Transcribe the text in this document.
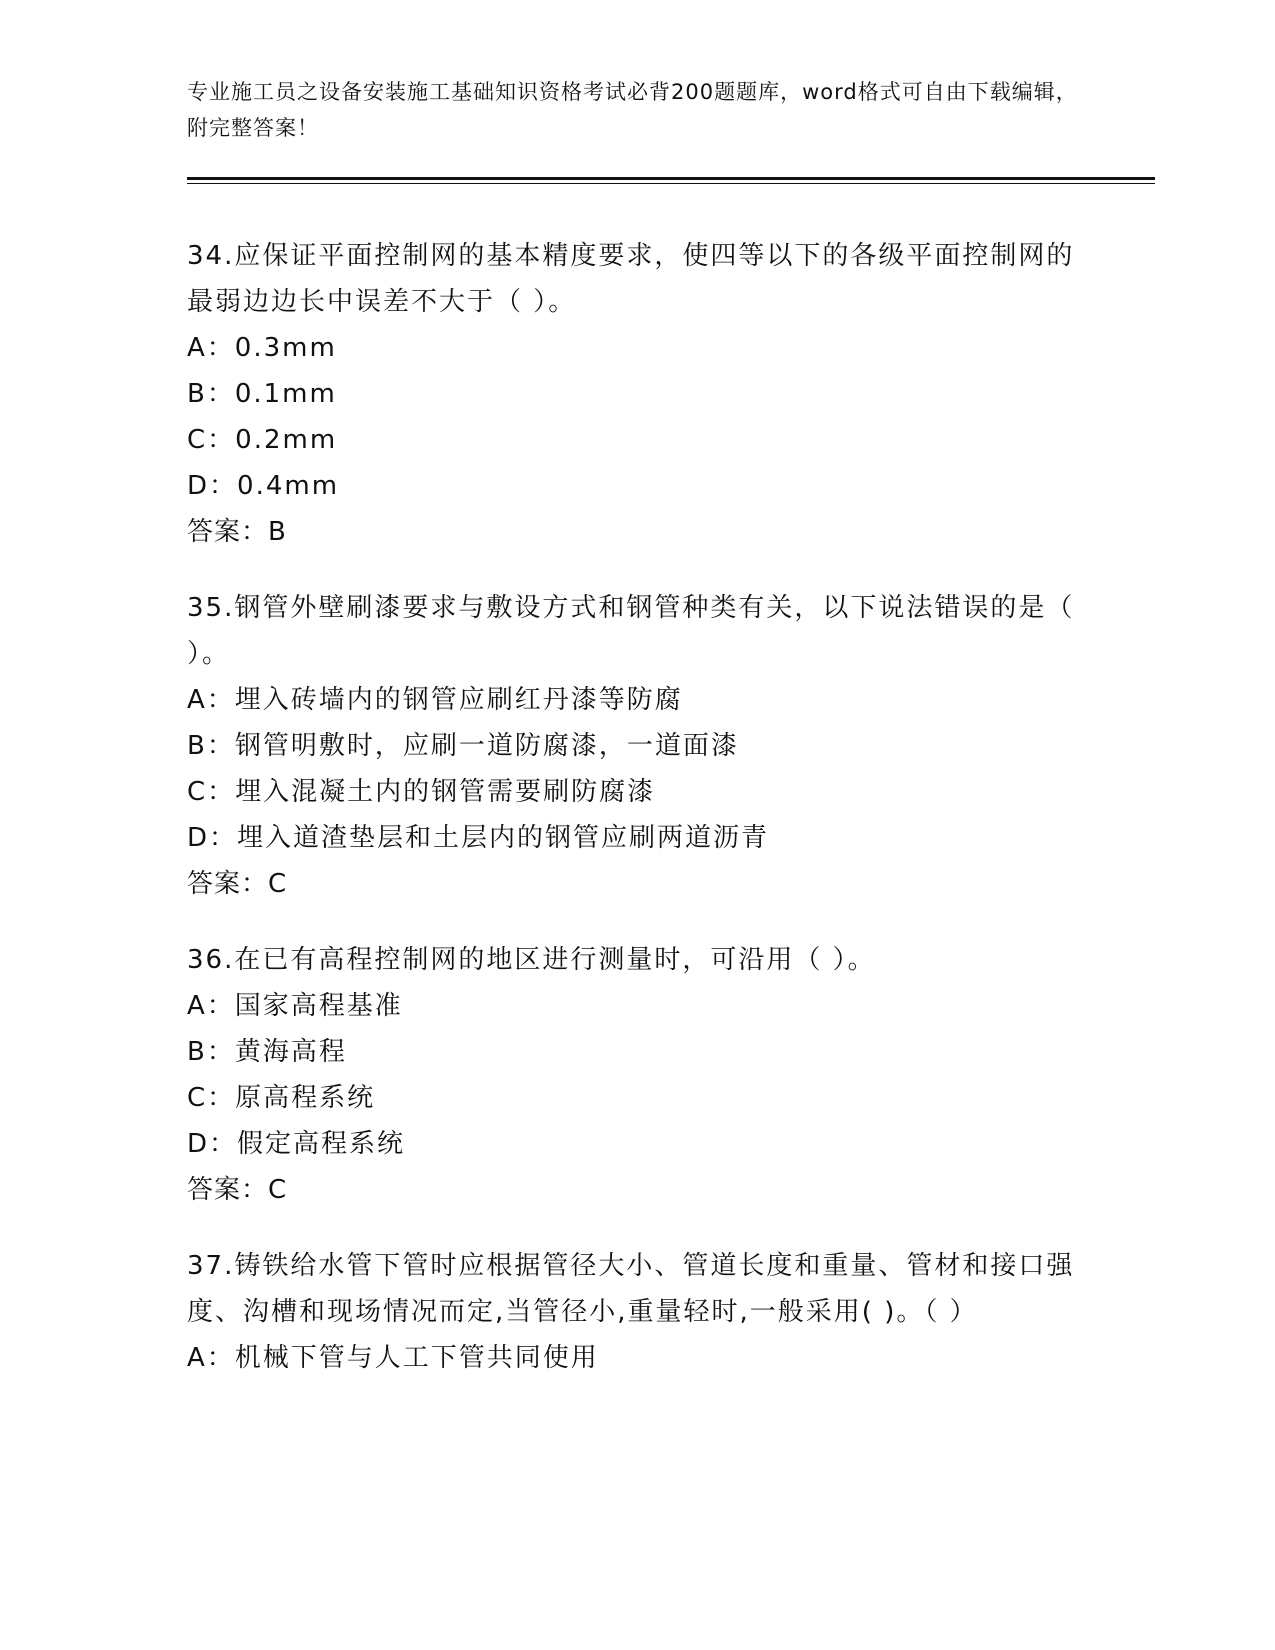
专业施工员之设备安装施工基础知识资格考试必背200题题库，word格式可自由下载编辑，附完整答案！

34.应保证平面控制网的基本精度要求，使四等以下的各级平面控制网的最弱边边长中误差不大于（ ）。

A：0.3mm

B：0.1mm

C：0.2mm

D：0.4mm

答案：B

35.钢管外壁刷漆要求与敷设方式和钢管种类有关，以下说法错误的是（ ）。

A：埋入砖墙内的钢管应刷红丹漆等防腐

B：钢管明敷时，应刷一道防腐漆，一道面漆

C：埋入混凝土内的钢管需要刷防腐漆

D：埋入道渣垫层和土层内的钢管应刷两道沥青

答案：C

36.在已有高程控制网的地区进行测量时，可沿用（ ）。

A：国家高程基准

B：黄海高程

C：原高程系统

D：假定高程系统

答案：C

37.铸铁给水管下管时应根据管径大小、管道长度和重量、管材和接口强度、沟槽和现场情况而定,当管径小,重量轻时,一般采用( )。（ ）

A：机械下管与人工下管共同使用
